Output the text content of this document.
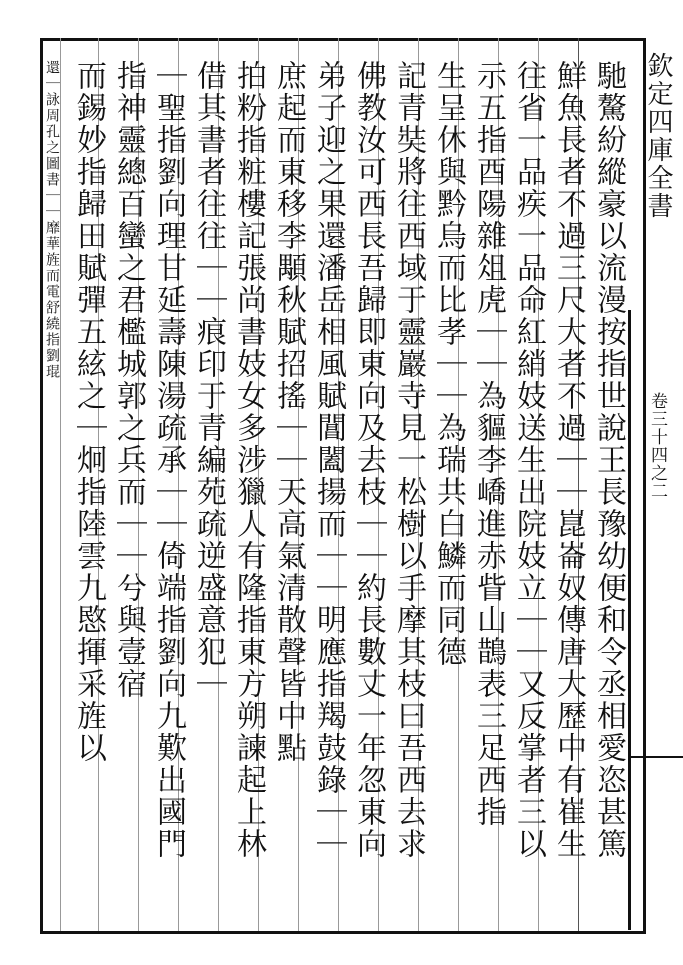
欽定四庫全書
卷三十四之二
馳驁紛縱豪以流漫按指世說王長豫幼便和令丞相愛恣甚篤
鮮魚長者不過三尺大者不過｜｜崑崙奴傳唐大歷中有崔生
往省一品疾一品命紅綃妓送生出院妓立｜｜又反掌者三以
示五指酉陽雜俎虎｜｜為貙李嶠進赤眥山鵲表三足西指
生呈休與黔烏而比孝｜｜為瑞共白鱗而同德
記青奘將往西域于靈巖寺見一松樹以手摩其枝曰吾西去求
佛教汝可西長吾歸即東向及去枝｜｜約長數丈一年忽東向
弟子迎之果還潘岳相風賦閶闔揚而｜｜明應指羯鼓錄｜｜
庶起而東移李顒秋賦招搖｜｜天高氣清散聲皆中點
拍粉指粧樓記張尚書妓女多涉獵人有隆指東方朔諫起上林
借其書者往往｜｜痕印于青編苑疏逆盛意犯｜
｜聖指劉向理甘延壽陳湯疏承｜｜倚端指劉向九歎出國門
指神靈總百蠻之君檻城郭之兵而｜｜兮與壹宿
而錫妙指歸田賦彈五絃之｜炯指陸雲九愍揮采旌以
還｜詠周孔之圖書｜｜靡華旌而電舒繞指劉琨
